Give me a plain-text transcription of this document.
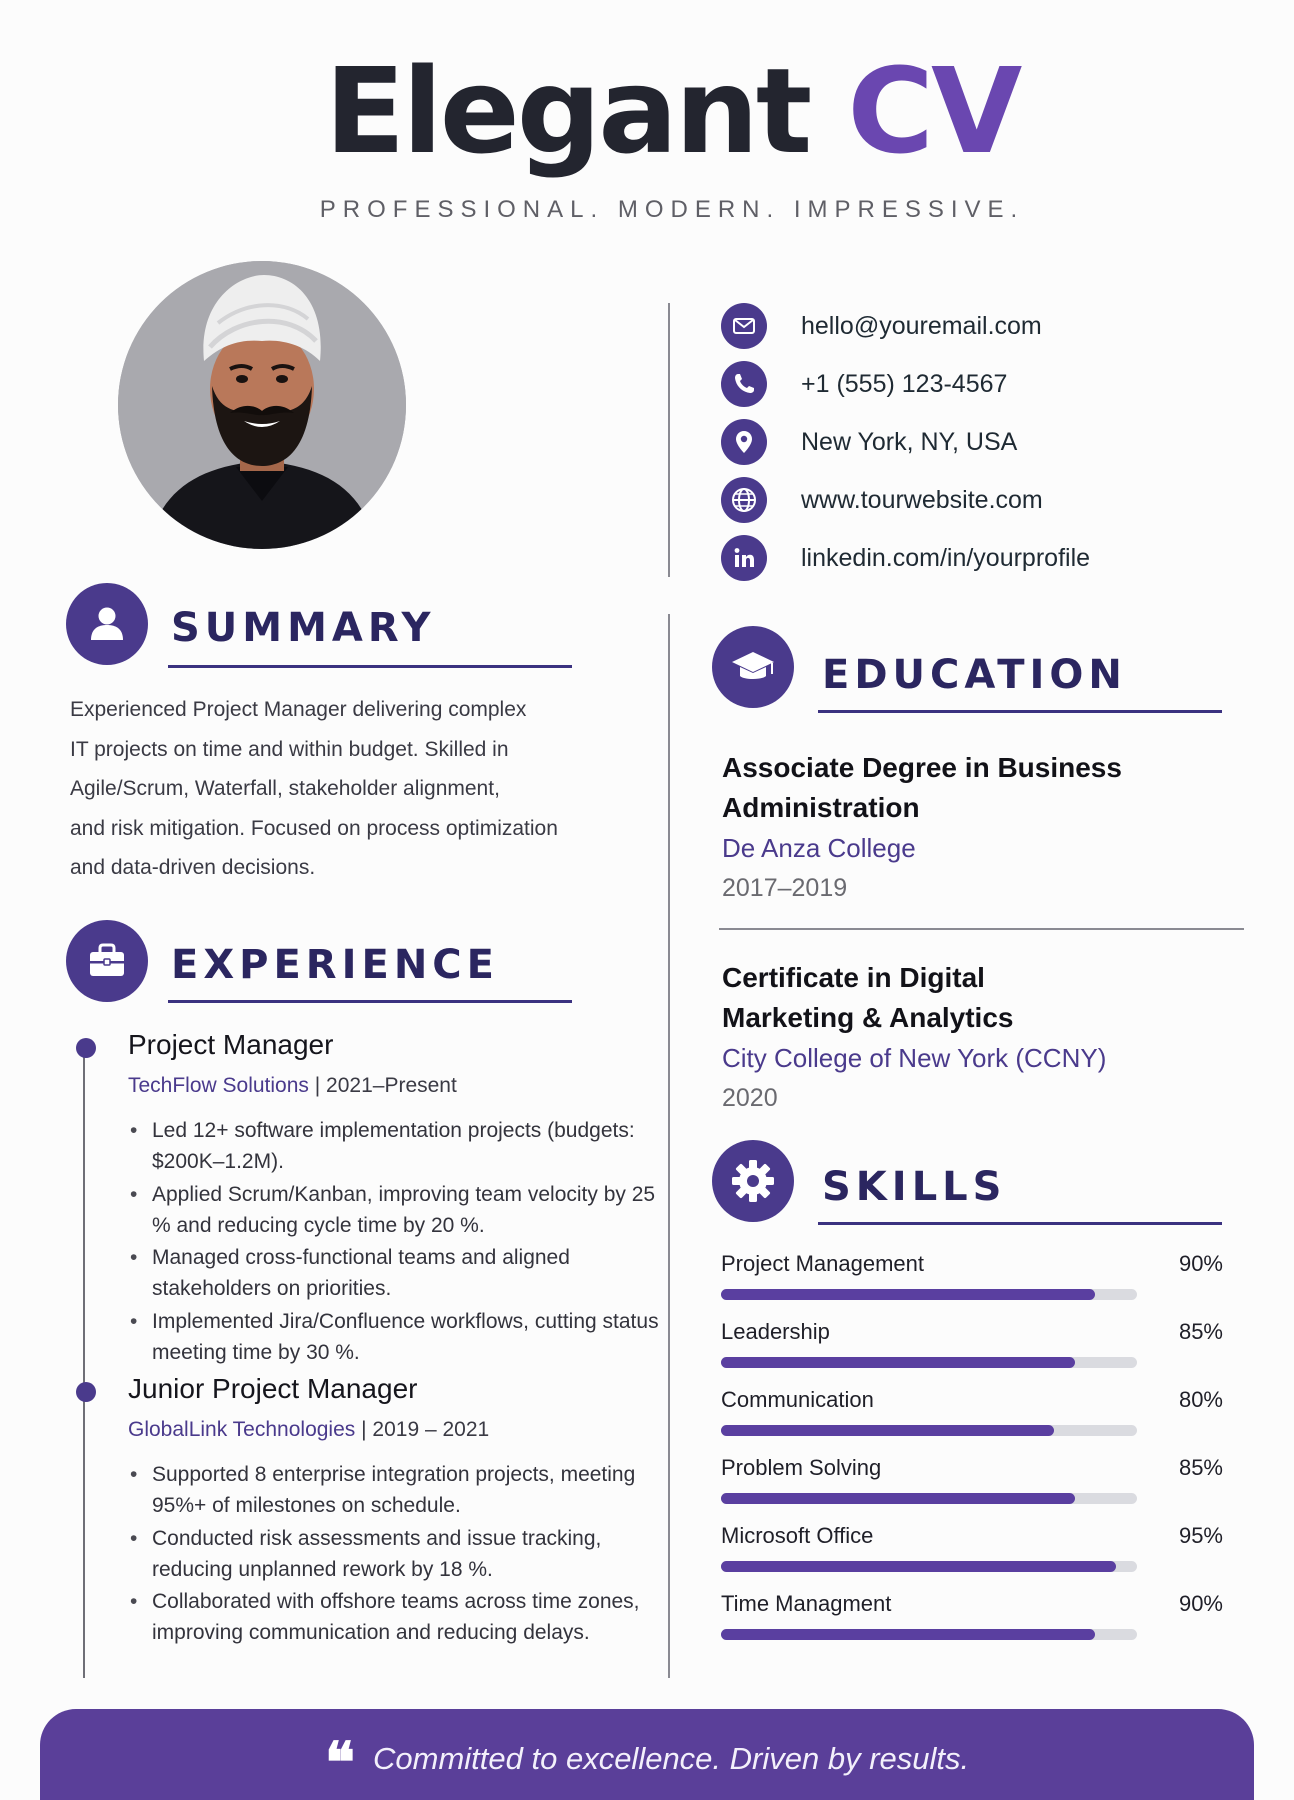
Elegant CV
PROFESSIONAL. MODERN. IMPRESSIVE.
hello@youremail.com
+1 (555) 123-4567
New York, NY, USA
www.tourwebsite.com
linkedin.com/in/yourprofile
SUMMARY
Experienced Project Manager delivering complex
IT projects on time and within budget. Skilled in
Agile/Scrum, Waterfall, stakeholder alignment,
and risk mitigation. Focused on process optimization
and data-driven decisions.
EXPERIENCE
Project Manager
TechFlow Solutions | 2021–Present
• Led 12+ software implementation projects (budgets: $200K–1.2M).
• Applied Scrum/Kanban, improving team velocity by 25 % and reducing cycle time by 20 %.
• Managed cross-functional teams and aligned stakeholders on priorities.
• Implemented Jira/Confluence workflows, cutting status meeting time by 30 %.
Junior Project Manager
GlobalLink Technologies | 2019 – 2021
• Supported 8 enterprise integration projects, meeting 95%+ of milestones on schedule.
• Conducted risk assessments and issue tracking, reducing unplanned rework by 18 %.
• Collaborated with offshore teams across time zones, improving communication and reducing delays.
EDUCATION
Associate Degree in Business
Administration
De Anza College
2017–2019
Certificate in Digital
Marketing & Analytics
City College of New York (CCNY)
2020
SKILLS
Project Management	90%
Leadership	85%
Communication	80%
Problem Solving	85%
Microsoft Office	95%
Time Managment	90%
❝ Committed to excellence. Driven by results.
